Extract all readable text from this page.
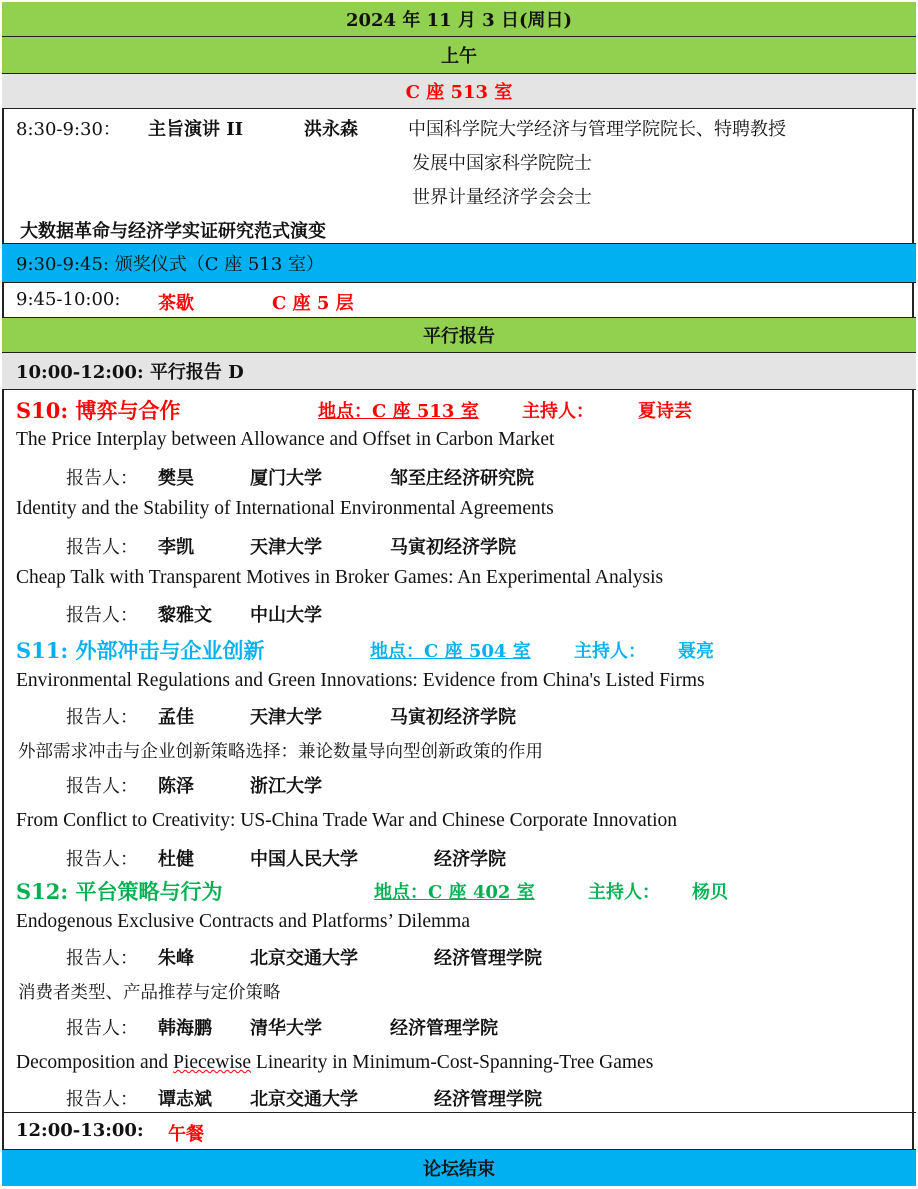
2024 年 11 月 3 日(周日)
上午
C 座 513 室
8:30-9:30： 主旨演讲 II	洪永森	中国科学院大学经济与管理学院院长、特聘教授
发展中国家科学院院士
世界计量经济学会会士
大数据革命与经济学实证研究范式演变
9:30-9:45: 颁奖仪式（C 座 513 室）
9:45-10:00: 茶歇	C 座 5 层
平行报告
10:00-12:00: 平行报告 D
S10: 博弈与合作	地点：C 座 513 室 主持人： 夏诗芸
The Price Interplay between Allowance and Offset in Carbon Market
报告人： 樊昊	厦门大学	邹至庄经济研究院
Identity and the Stability of International Environmental Agreements
报告人： 李凯	天津大学	马寅初经济学院
Cheap Talk with Transparent Motives in Broker Games: An Experimental Analysis
报告人： 黎雅文 中山大学
S11: 外部冲击与企业创新	地点：C 座 504 室 主持人： 聂亮
Environmental Regulations and Green Innovations: Evidence from China's Listed Firms
报告人： 孟佳	天津大学	马寅初经济学院
外部需求冲击与企业创新策略选择：兼论数量导向型创新政策的作用
报告人： 陈泽	浙江大学
From Conflict to Creativity: US-China Trade War and Chinese Corporate Innovation
报告人： 杜健	中国人民大学	经济学院
S12: 平台策略与行为	地点：C 座 402 室	主持人： 杨贝
Endogenous Exclusive Contracts and Platforms’ Dilemma
报告人： 朱峰	北京交通大学	经济管理学院
消费者类型、产品推荐与定价策略
报告人： 韩海鹏 清华大学	经济管理学院
Decomposition and Piecewise Linearity in Minimum-Cost-Spanning-Tree Games
报告人： 谭志斌 北京交通大学	经济管理学院
12:00-13:00: 午餐
论坛结束
